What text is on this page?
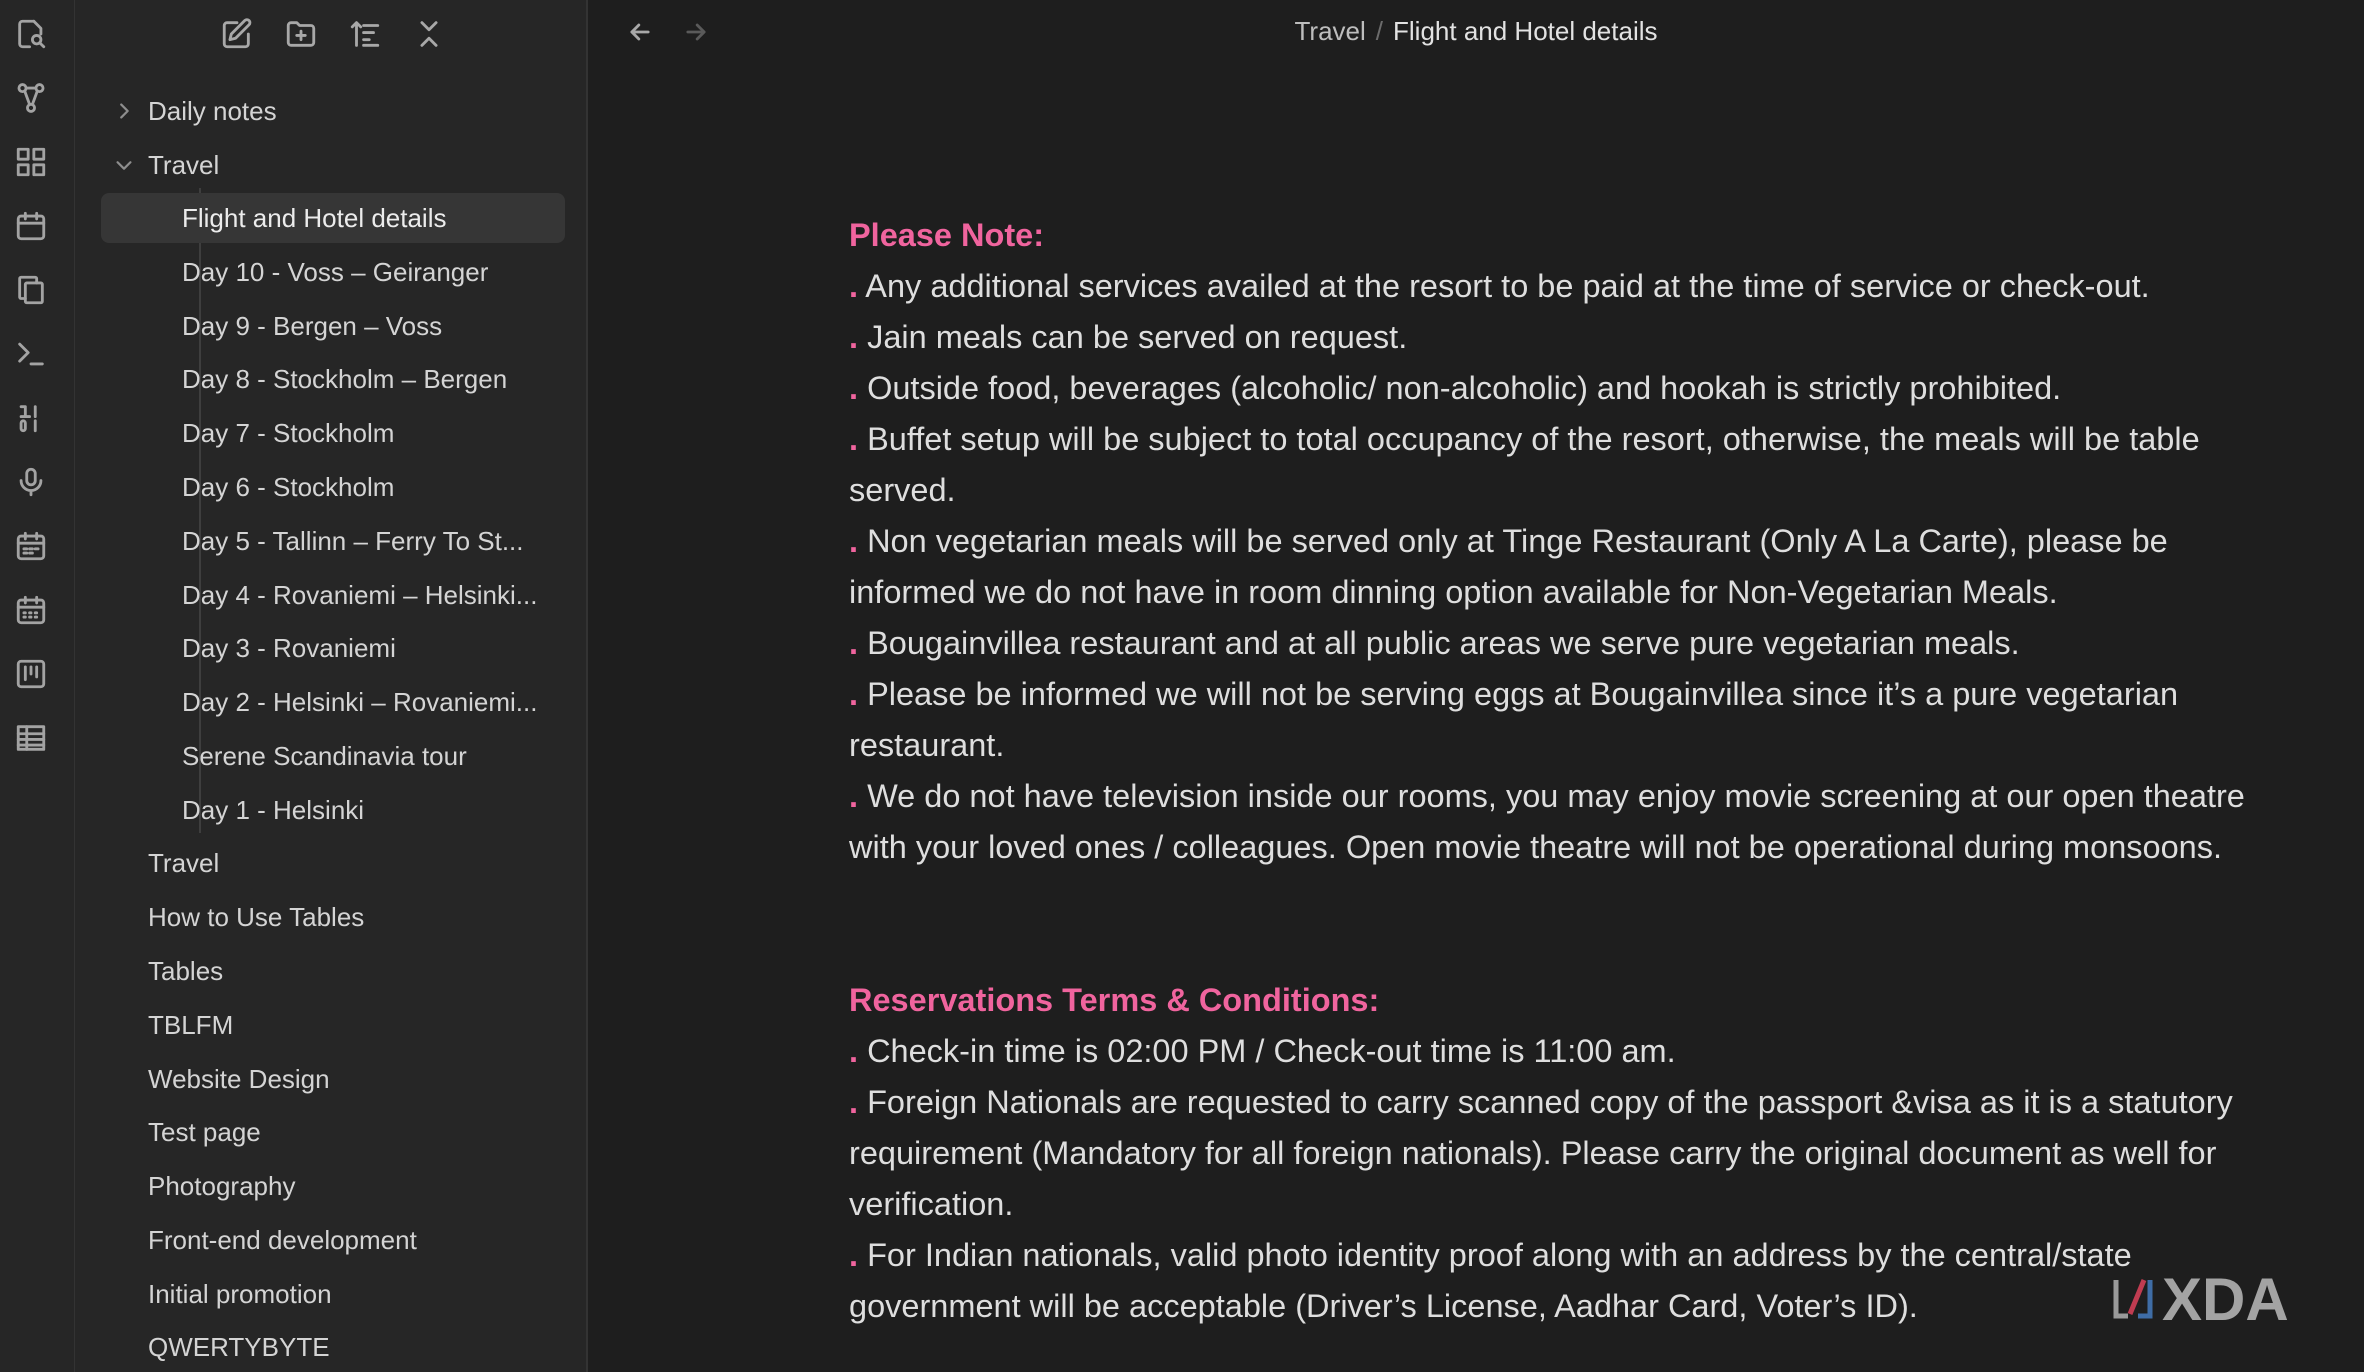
Daily notes
Travel
Flight and Hotel details
Day 10 - Voss – Geiranger
Day 9 - Bergen – Voss
Day 8 - Stockholm – Bergen
Day 7 - Stockholm
Day 6 - Stockholm
Day 5 - Tallinn – Ferry To St...
Day 4 - Rovaniemi – Helsinki...
Day 3 - Rovaniemi
Day 2 - Helsinki – Rovaniemi...
Serene Scandinavia tour
Day 1 - Helsinki
Travel
How to Use Tables
Tables
TBLFM
Website Design
Test page
Photography
Front-end development
Initial promotion
QWERTYBYTE
Travel / Flight and Hotel details
Please Note:

. Any additional services availed at the resort to be paid at the time of service or check-out.

. Jain meals can be served on request.

. Outside food, beverages (alcoholic/ non-alcoholic) and hookah is strictly prohibited.

. Buffet setup will be subject to total occupancy of the resort, otherwise, the meals will be table served.

. Non vegetarian meals will be served only at Tinge Restaurant (Only A La Carte), please be informed we do not have in room dinning option available for Non-Vegetarian Meals.

. Bougainvillea restaurant and at all public areas we serve pure vegetarian meals.

. Please be informed we will not be serving eggs at Bougainvillea since it’s a pure vegetarian restaurant.

. We do not have television inside our rooms, you may enjoy movie screening at our open theatre with your loved ones / colleagues. Open movie theatre will not be operational during monsoons.

Reservations Terms & Conditions:

. Check-in time is 02:00 PM / Check-out time is 11:00 am.

. Foreign Nationals are requested to carry scanned copy of the passport &visa as it is a statutory requirement (Mandatory for all foreign nationals). Please carry the original document as well for verification.

. For Indian nationals, valid photo identity proof along with an address by the central/state government will be acceptable (Driver’s License, Aadhar Card, Voter’s ID).	XDA
